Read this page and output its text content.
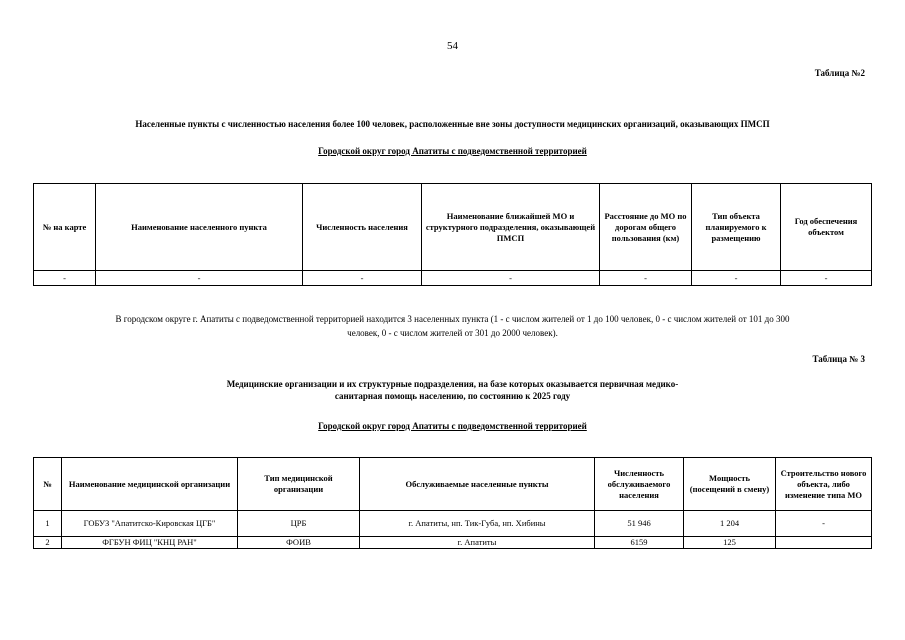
54
Таблица №2
Населенные пункты с численностью населения более 100 человек, расположенные вне зоны доступности медицинских организаций, оказывающих ПМСП
Городской округ город Апатиты с подведомственной территорией
№ на карте	Наименование населенного пункта	Численность населения	Наименование ближайшей МО и структурного подразделения, оказывающей ПМСП	Расстояние до МО по дорогам общего пользования (км)	Тип объекта планируемого к размещению	Год обеспечения объектом
-	-	-	-	-	-	-
В городском округе г. Апатиты с подведомственной территорией находится 3 населенных пункта (1 - с числом жителей от 1 до 100 человек, 0 - с числом жителей от 101 до 300
человек, 0 - с числом жителей от 301 до 2000 человек).
Таблица № 3
Медицинские организации и их структурные подразделения, на базе которых оказывается первичная медико-
санитарная помощь населению, по состоянию к 2025 году
Городской округ город Апатиты с подведомственной территорией
№	Наименование медицинской организации	Тип медицинской организации	Обслуживаемые населенные пункты	Численность обслуживаемого населения	Мощность (посещений в смену)	Строительство нового объекта, либо изменение типа МО
1	ГОБУЗ "Апатитско-Кировская ЦГБ"	ЦРБ	г. Апатиты, нп. Тик-Губа, нп. Хибины	51 946	1 204	-
2	ФГБУН ФИЦ "КНЦ РАН"	ФОИВ	г. Апатиты	6159	125	
